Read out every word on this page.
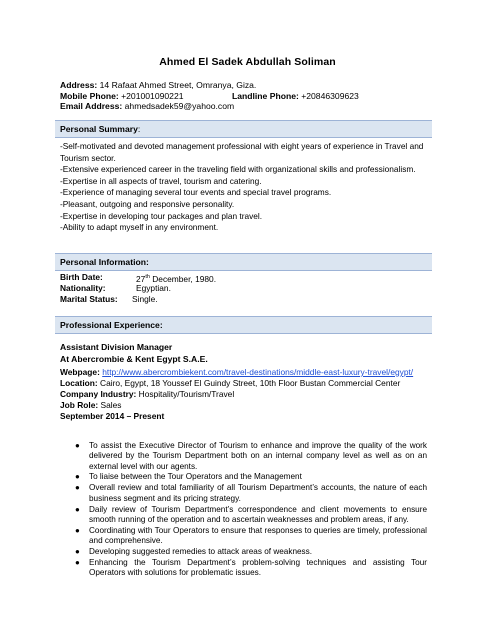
Ahmed El Sadek Abdullah Soliman
Address: 14 Rafaat Ahmed Street, Omranya, Giza.
Mobile Phone: +201001090221	Landline Phone: +20846309623
Email Address: ahmedsadek59@yahoo.com
Personal Summary:
-Self-motivated and devoted management professional with eight years of experience in Travel and Tourism sector.
-Extensive experienced career in the traveling field with organizational skills and professionalism.
-Expertise in all aspects of travel, tourism and catering.
-Experience of managing several tour events and special travel programs.
-Pleasant, outgoing and responsive personality.
-Expertise in developing tour packages and plan travel.
-Ability to adapt myself in any environment.
Personal Information:
Birth Date:	27th December, 1980.
Nationality:	Egyptian.
Marital Status:	Single.
Professional Experience:
Assistant Division Manager
At Abercrombie & Kent Egypt S.A.E.
Webpage: http://www.abercrombiekent.com/travel-destinations/middle-east-luxury-travel/egypt/
Location: Cairo, Egypt, 18 Youssef El Guindy Street, 10th Floor Bustan Commercial Center
Company Industry: Hospitality/Tourism/Travel
Job Role: Sales
September 2014 – Present
● To assist the Executive Director of Tourism to enhance and improve the quality of the work delivered by the Tourism Department both on an internal company level as well as on an external level with our agents.
● To liaise between the Tour Operators and the Management
● Overall review and total familiarity of all Tourism Department’s accounts, the nature of each business segment and its pricing strategy.
● Daily review of Tourism Department’s correspondence and client movements to ensure smooth running of the operation and to ascertain weaknesses and problem areas, if any.
● Coordinating with Tour Operators to ensure that responses to queries are timely, professional and comprehensive.
● Developing suggested remedies to attack areas of weakness.
● Enhancing the Tourism Department’s problem-solving techniques and assisting Tour Operators with solutions for problematic issues.
